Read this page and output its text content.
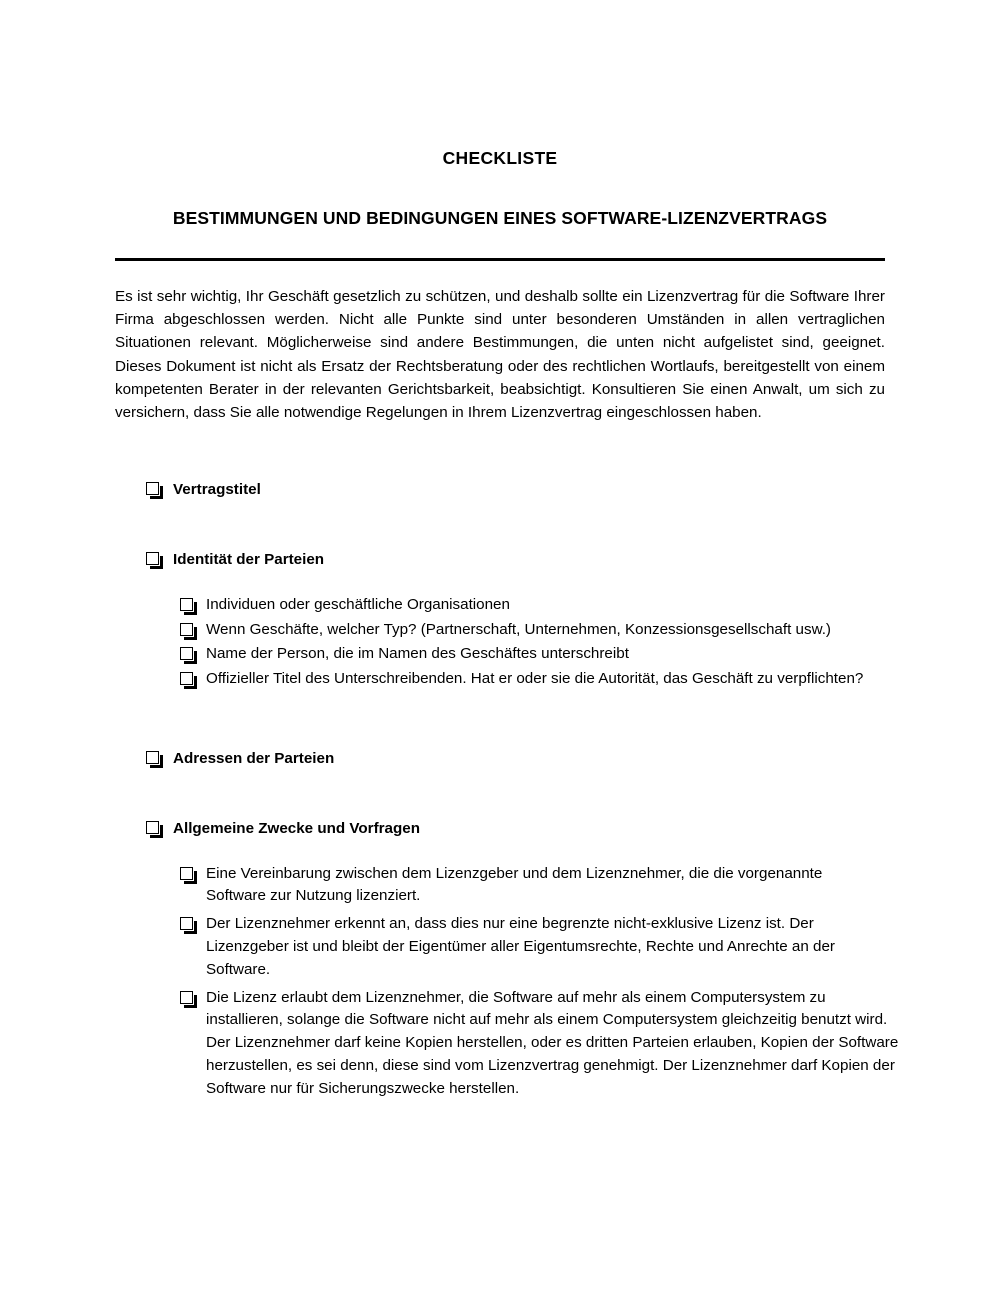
CHECKLISTE
BESTIMMUNGEN UND BEDINGUNGEN EINES SOFTWARE-LIZENZVERTRAGS

Es ist sehr wichtig, Ihr Geschäft gesetzlich zu schützen, und deshalb sollte ein Lizenzvertrag für die Software Ihrer Firma abgeschlossen werden. Nicht alle Punkte sind unter besonderen Umständen in allen vertraglichen Situationen relevant. Möglicherweise sind andere Bestimmungen, die unten nicht aufgelistet sind, geeignet. Dieses Dokument ist nicht als Ersatz der Rechtsberatung oder des rechtlichen Wortlaufs, bereitgestellt von einem kompetenten Berater in der relevanten Gerichtsbarkeit, beabsichtigt. Konsultieren Sie einen Anwalt, um sich zu versichern, dass Sie alle notwendige Regelungen in Ihrem Lizenzvertrag eingeschlossen haben.

Vertragstitel
Identität der Parteien
Individuen oder geschäftliche Organisationen
Wenn Geschäfte, welcher Typ? (Partnerschaft, Unternehmen, Konzessionsgesellschaft usw.)
Name der Person, die im Namen des Geschäftes unterschreibt
Offizieller Titel des Unterschreibenden. Hat er oder sie die Autorität, das Geschäft zu verpflichten?
Adressen der Parteien
Allgemeine Zwecke und Vorfragen
Eine Vereinbarung zwischen dem Lizenzgeber und dem Lizenznehmer, die die vorgenannte Software zur Nutzung lizenziert.
Der Lizenznehmer erkennt an, dass dies nur eine begrenzte nicht-exklusive Lizenz ist. Der Lizenzgeber ist und bleibt der Eigentümer aller Eigentumsrechte, Rechte und Anrechte an der Software.
Die Lizenz erlaubt dem Lizenznehmer, die Software auf mehr als einem Computersystem zu installieren, solange die Software nicht auf mehr als einem Computersystem gleichzeitig benutzt wird. Der Lizenznehmer darf keine Kopien herstellen, oder es dritten Parteien erlauben, Kopien der Software herzustellen, es sei denn, diese sind vom Lizenzvertrag genehmigt. Der Lizenznehmer darf Kopien der Software nur für Sicherungszwecke herstellen.
